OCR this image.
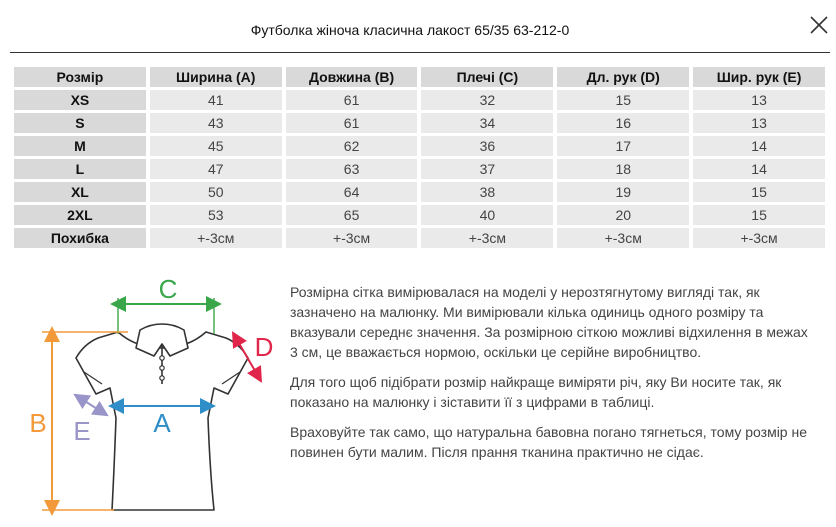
Футболка жіноча класична лакост 65/35 63-212-0
Розмір	Ширина (A)	Довжина (B)	Плечі (C)	Дл. рук (D)	Шир. рук (E)
XS	41	61	32	15	13
S	43	61	34	16	13
M	45	62	36	17	14
L	47	63	37	18	14
XL	50	64	38	19	15
2XL	53	65	40	20	15
Похибка	+-3см	+-3см	+-3см	+-3см	+-3см
C
B	A
D
E

Розмірна сітка вимірювалася на моделі у нерозтягнутому вигляді так, як зазначено на малюнку. Ми вимірювали кілька одиниць одного розміру та вказували середнє значення. За розмірною сіткою можливі відхилення в межах 3 см, це вважається нормою, оскільки це серійне виробництво.

Для того щоб підібрати розмір найкраще виміряти річ, яку Ви носите так, як показано на малюнку і зіставити її з цифрами в таблиці.

Враховуйте так само, що натуральна бавовна погано тягнеться, тому розмір не повинен бути малим. Після прання тканина практично не сідає.
